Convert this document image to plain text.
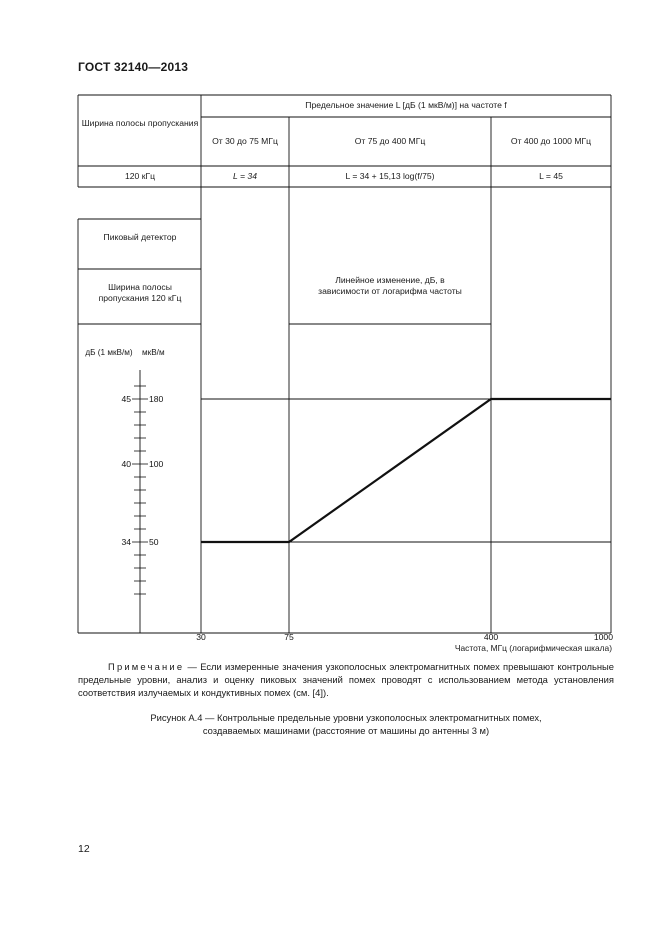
ГОСТ 32140—2013
34 50
40 100
45 180
30	75	400	1000
Ширина полосы пропускания
Предельное значение L [дБ (1 мкВ/м)] на частоте f
От 30 до 75 МГц	От 75 до 400 МГц	От 400 до 1000 МГц
120 кГц	L = 34	L = 34 + 15,13 log(f/75)	L = 45
Пиковый детектор
Ширина полосы пропускания 120 кГц
Линейное изменение, дБ, в зависимости от логарифма частоты
дБ (1 мкВ/м)	мкВ/м
Частота, МГц (логарифмическая шкала)
Примечание — Если измеренные значения узкополосных электромагнитных помех превышают контрольные предельные уровни, анализ и оценку пиковых значений помех проводят с использованием метода установления соответствия излучаемых и кондуктивных помех (см. [4]).
Рисунок А.4 — Контрольные предельные уровни узкополосных электромагнитных помех,
создаваемых машинами (расстояние от машины до антенны 3 м)
12
